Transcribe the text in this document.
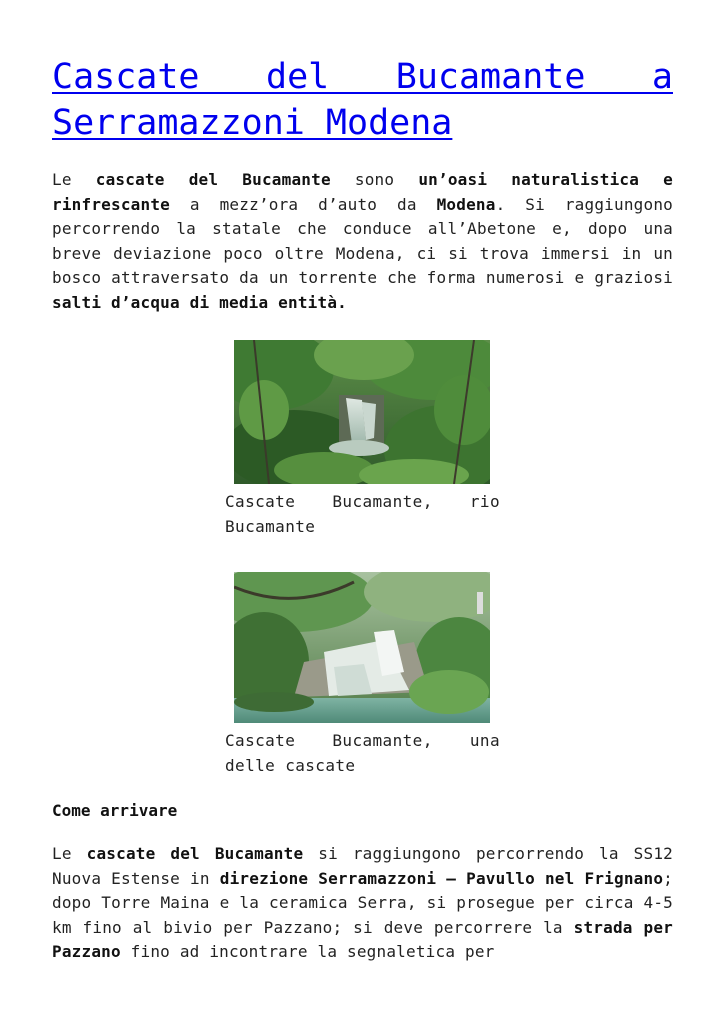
Cascate del Bucamante a Serramazzoni Modena

Le cascate del Bucamante sono un’oasi naturalistica e rinfrescante a mezz’ora d’auto da Modena. Si raggiungono percorrendo la statale che conduce all’Abetone e, dopo una breve deviazione poco oltre Modena, ci si trova immersi in un bosco attraversato da un torrente che forma numerosi e graziosi salti d’acqua di media entità.

Cascate Bucamante, rio Bucamante

Cascate Bucamante, una delle cascate

Come arrivare

Le cascate del Bucamante si raggiungono percorrendo la SS12 Nuova Estense in direzione Serramazzoni – Pavullo nel Frignano; dopo Torre Maina e la ceramica Serra, si prosegue per circa 4-5 km fino al bivio per Pazzano; si deve percorrere la strada per Pazzano fino ad incontrare la segnaletica per
